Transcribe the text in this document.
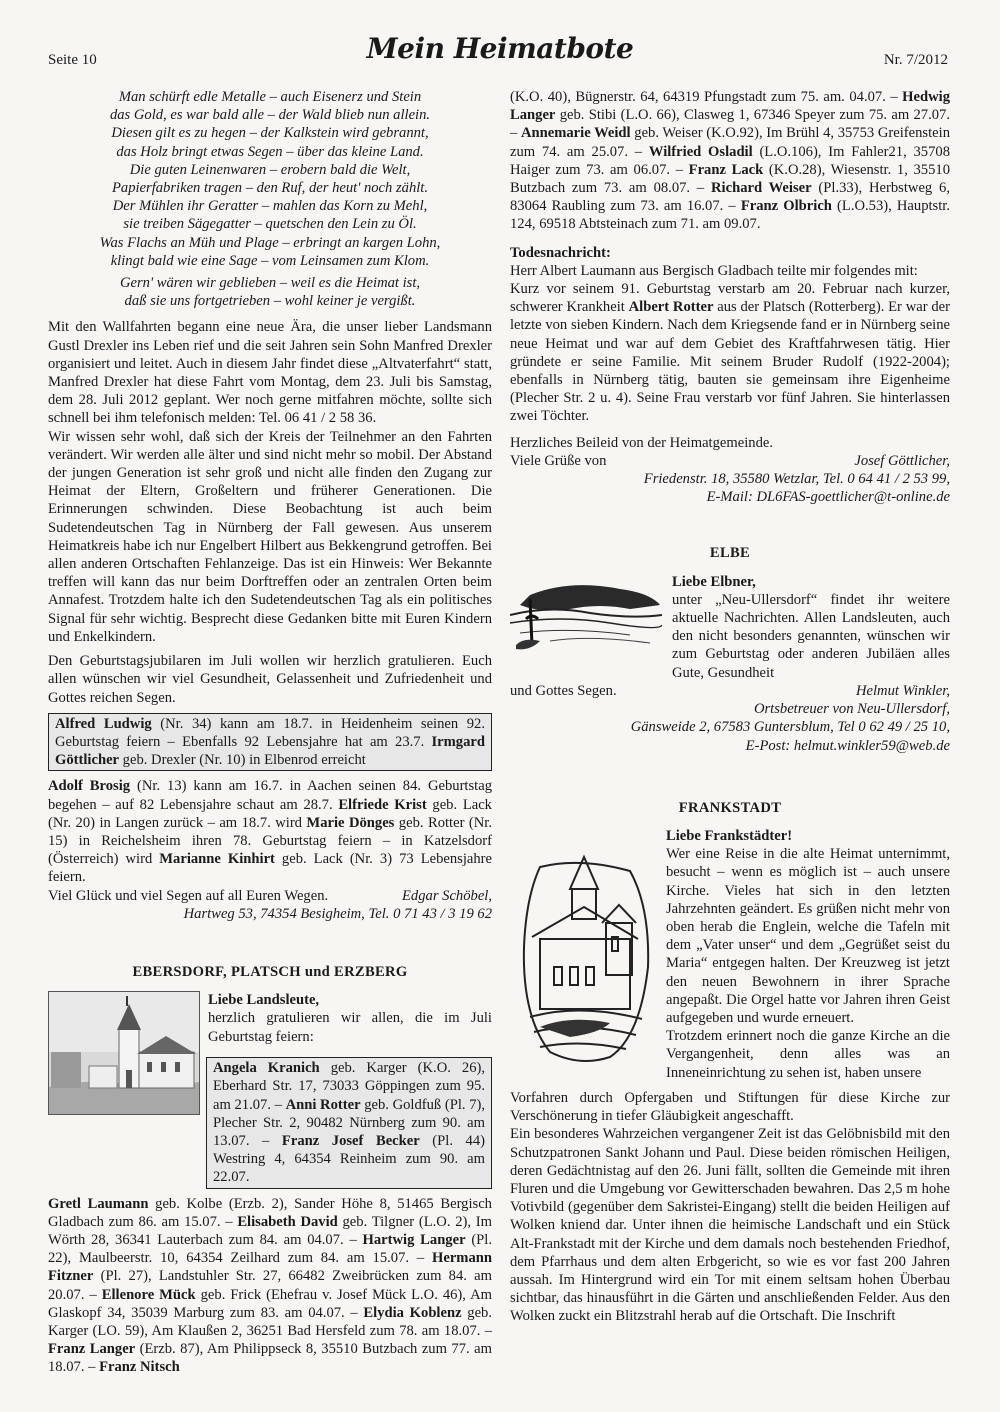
Seite 10	Mein Heimatbote	Nr. 7/2012
Man schürft edle Metalle – auch Eisenerz und Stein
das Gold, es war bald alle – der Wald blieb nun allein.
Diesen gilt es zu hegen – der Kalkstein wird gebrannt,
das Holz bringt etwas Segen – über das kleine Land.
Die guten Leinenwaren – erobern bald die Welt,
Papierfabriken tragen – den Ruf, der heut' noch zählt.
Der Mühlen ihr Geratter – mahlen das Korn zu Mehl,
sie treiben Sägegatter – quetschen den Lein zu Öl.
Was Flachs an Müh und Plage – erbringt an kargen Lohn,
klingt bald wie eine Sage – vom Leinsamen zum Klom.
Gern' wären wir geblieben – weil es die Heimat ist,
daß sie uns fortgetrieben – wohl keiner je vergißt.

Mit den Wallfahrten begann eine neue Ära, die unser lieber Landsmann Gustl Drexler ins Leben rief und die seit Jahren sein Sohn Manfred Drexler organisiert und leitet. Auch in diesem Jahr findet diese „Altvaterfahrt“ statt, Manfred Drexler hat diese Fahrt vom Montag, dem 23. Juli bis Samstag, dem 28. Juli 2012 geplant. Wer noch gerne mitfahren möchte, sollte sich schnell bei ihm telefonisch melden: Tel. 06 41 / 2 58 36.

Wir wissen sehr wohl, daß sich der Kreis der Teilnehmer an den Fahrten verändert. Wir werden alle älter und sind nicht mehr so mobil. Der Abstand der jungen Generation ist sehr groß und nicht alle finden den Zugang zur Heimat der Eltern, Großeltern und früherer Generationen. Die Erinnerungen schwinden. Diese Beobachtung ist auch beim Sudetendeutschen Tag in Nürnberg der Fall gewesen. Aus unserem Heimatkreis habe ich nur Engelbert Hilbert aus Bekkengrund getroffen. Bei allen anderen Ortschaften Fehlanzeige. Das ist ein Hinweis: Wer Bekannte treffen will kann das nur beim Dorftreffen oder an zentralen Orten beim Annafest. Trotzdem halte ich den Sudetendeutschen Tag als ein politisches Signal für sehr wichtig. Besprecht diese Gedanken bitte mit Euren Kindern und Enkelkindern.

Den Geburtstagsjubilaren im Juli wollen wir herzlich gratulieren. Euch allen wünschen wir viel Gesundheit, Gelassenheit und Zufriedenheit und Gottes reichen Segen.

Alfred Ludwig (Nr. 34) kann am 18.7. in Heidenheim seinen 92. Geburtstag feiern – Ebenfalls 92 Lebensjahre hat am 23.7. Irmgard Göttlicher geb. Drexler (Nr. 10) in Elbenrod erreicht

Adolf Brosig (Nr. 13) kann am 16.7. in Aachen seinen 84. Geburtstag begehen – auf 82 Lebensjahre schaut am 28.7. Elfriede Krist geb. Lack (Nr. 20) in Langen zurück – am 18.7. wird Marie Dönges geb. Rotter (Nr. 15) in Reichelsheim ihren 78. Geburtstag feiern – in Katzelsdorf (Österreich) wird Marianne Kinhirt geb. Lack (Nr. 3) 73 Lebensjahre feiern.

Viel Glück und viel Segen auf all Euren Wegen.	Edgar Schöbel,

Hartweg 53, 74354 Besigheim, Tel. 0 71 43 / 3 19 62

EBERSDORF, PLATSCH und ERZBERG

Liebe Landsleute,

herzlich gratulieren wir allen, die im Juli Geburtstag feiern:

Angela Kranich geb. Karger (K.O. 26), Eberhard Str. 17, 73033 Göppingen zum 95. am 21.07. – Anni Rotter geb. Goldfuß (Pl. 7), Plecher Str. 2, 90482 Nürnberg zum 90. am 13.07. – Franz Josef Becker (Pl. 44) Westring 4, 64354 Reinheim zum 90. am 22.07.

Gretl Laumann geb. Kolbe (Erzb. 2), Sander Höhe 8, 51465 Bergisch Gladbach zum 86. am 15.07. – Elisabeth David geb. Tilgner (L.O. 2), Im Wörth 28, 36341 Lauterbach zum 84. am 04.07. – Hartwig Langer (Pl. 22), Maulbeerstr. 10, 64354 Zeilhard zum 84. am 15.07. – Hermann Fitzner (Pl. 27), Landstuhler Str. 27, 66482 Zweibrücken zum 84. am 20.07. – Ellenore Mück geb. Frick (Ehefrau v. Josef Mück L.O. 46), Am Glaskopf 34, 35039 Marburg zum 83. am 04.07. – Elydia Koblenz geb. Karger (LO. 59), Am Klaußen 2, 36251 Bad Hersfeld zum 78. am 18.07. – Franz Langer (Erzb. 87), Am Philippseck 8, 35510 Butzbach zum 77. am 18.07. – Franz Nitsch

(K.O. 40), Bügnerstr. 64, 64319 Pfungstadt zum 75. am. 04.07. – Hedwig Langer geb. Stibi (L.O. 66), Clasweg 1, 67346 Speyer zum 75. am 27.07. – Annemarie Weidl geb. Weiser (K.O.92), Im Brühl 4, 35753 Greifenstein zum 74. am 25.07. – Wilfried Osladil (L.O.106), Im Fahler21, 35708 Haiger zum 73. am 06.07. – Franz Lack (K.O.28), Wiesenstr. 1, 35510 Butzbach zum 73. am 08.07. – Richard Weiser (Pl.33), Herbstweg 6, 83064 Raubling zum 73. am 16.07. – Franz Olbrich (L.O.53), Hauptstr. 124, 69518 Abtsteinach zum 71. am 09.07.

Todesnachricht:

Herr Albert Laumann aus Bergisch Gladbach teilte mir folgendes mit:

Kurz vor seinem 91. Geburtstag verstarb am 20. Februar nach kurzer, schwerer Krankheit Albert Rotter aus der Platsch (Rotterberg). Er war der letzte von sieben Kindern. Nach dem Kriegsende fand er in Nürnberg seine neue Heimat und war auf dem Gebiet des Kraftfahrwesen tätig. Hier gründete er seine Familie. Mit seinem Bruder Rudolf (1922-2004); ebenfalls in Nürnberg tätig, bauten sie gemeinsam ihre Eigenheime (Plecher Str. 2 u. 4). Seine Frau verstarb vor fünf Jahren. Sie hinterlassen zwei Töchter.

Herzliches Beileid von der Heimatgemeinde.

Viele Grüße von	Josef Göttlicher,

Friedenstr. 18, 35580 Wetzlar, Tel. 0 64 41 / 2 53 99,

E-Mail: DL6FAS-goettlicher@t-online.de

ELBE

Liebe Elbner,

unter „Neu-Ullersdorf“ findet ihr weitere aktuelle Nachrichten. Allen Landsleuten, auch den nicht besonders genannten, wünschen wir zum Geburtstag oder anderen Jubiläen alles Gute, Gesundheit

und Gottes Segen.	Helmut Winkler,

Ortsbetreuer von Neu-Ullersdorf,

Gänsweide 2, 67583 Guntersblum, Tel 0 62 49 / 25 10,

E-Post: helmut.winkler59@web.de

FRANKSTADT

Liebe Frankstädter!

Wer eine Reise in die alte Heimat unternimmt, besucht – wenn es möglich ist – auch unsere Kirche. Vieles hat sich in den letzten Jahrzehnten geändert. Es grüßen nicht mehr von oben herab die Englein, welche die Tafeln mit dem „Vater unser“ und dem „Gegrüßet seist du Maria“ entgegen halten. Der Kreuzweg ist jetzt den neuen Bewohnern in ihrer Sprache angepaßt. Die Orgel hatte vor Jahren ihren Geist aufgegeben und wurde erneuert.

Trotzdem erinnert noch die ganze Kirche an die Vergangenheit, denn alles was an Inneneinrichtung zu sehen ist, haben unsere

Vorfahren durch Opfergaben und Stiftungen für diese Kirche zur Verschönerung in tiefer Gläubigkeit angeschafft.

Ein besonderes Wahrzeichen vergangener Zeit ist das Gelöbnisbild mit den Schutzpatronen Sankt Johann und Paul. Diese beiden römischen Heiligen, deren Gedächtnistag auf den 26. Juni fällt, sollten die Gemeinde mit ihren Fluren und die Umgebung vor Gewitterschaden bewahren. Das 2,5 m hohe Votivbild (gegenüber dem Sakristei-Eingang) stellt die beiden Heiligen auf Wolken kniend dar. Unter ihnen die heimische Landschaft und ein Stück Alt-Frankstadt mit der Kirche und dem damals noch bestehenden Friedhof, dem Pfarrhaus und dem alten Erbgericht, so wie es vor fast 200 Jahren aussah. Im Hintergrund wird ein Tor mit einem seltsam hohen Überbau sichtbar, das hinausführt in die Gärten und anschließenden Felder. Aus den Wolken zuckt ein Blitzstrahl herab auf die Ortschaft. Die Inschrift
